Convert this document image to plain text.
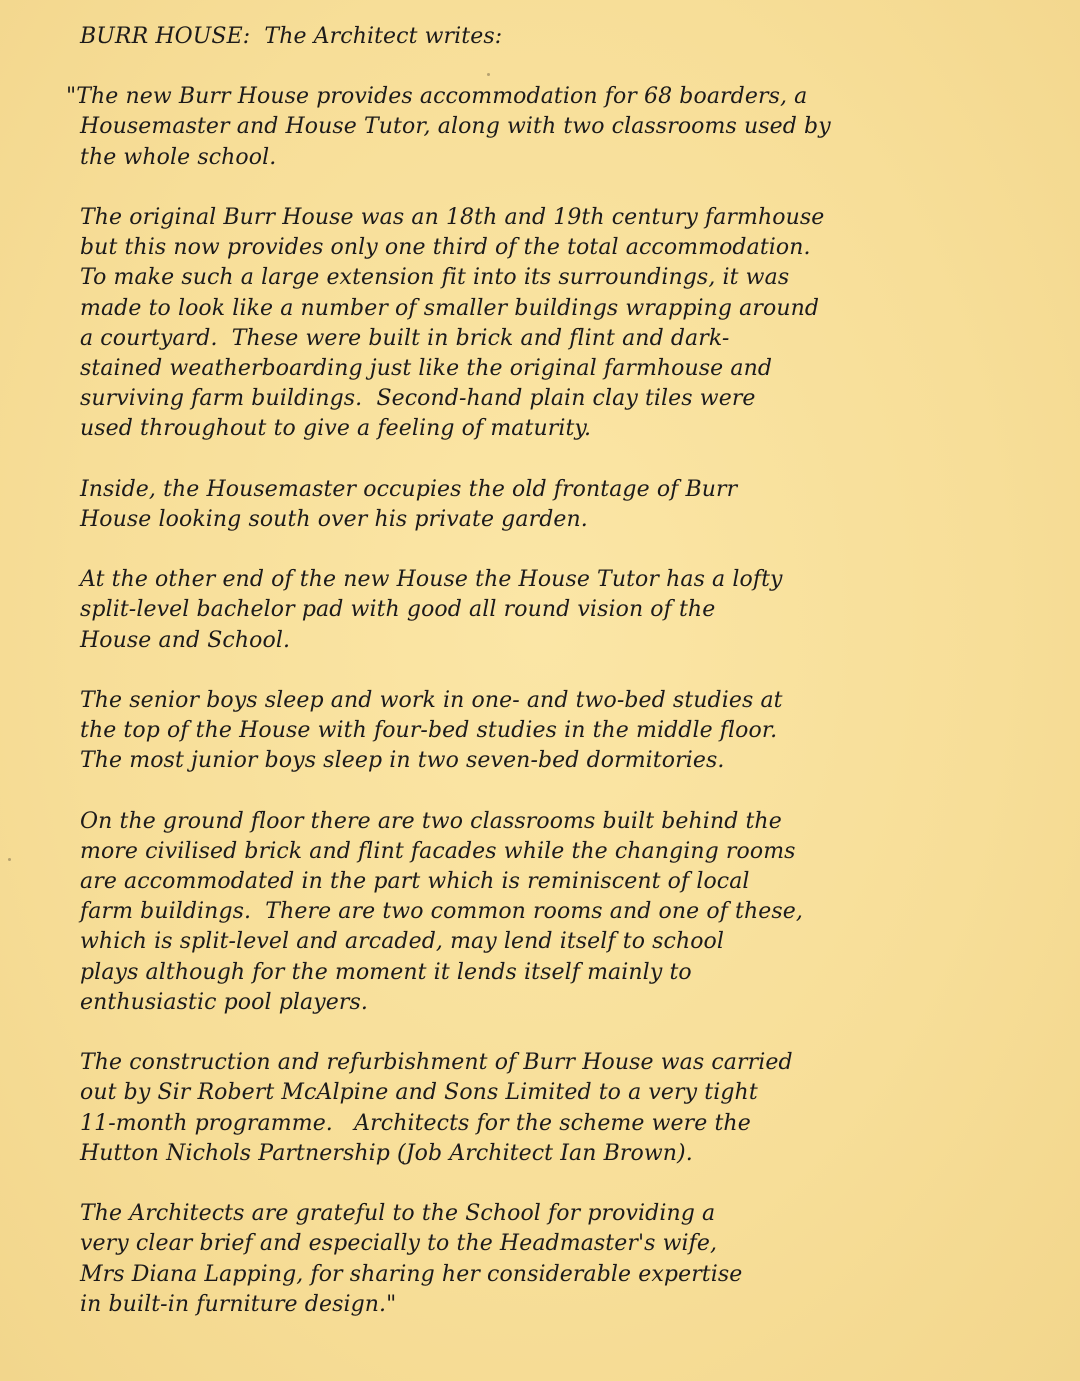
BURR HOUSE:  The Architect writes:
"The new Burr House provides accommodation for 68 boarders, a
Housemaster and House Tutor, along with two classrooms used by
the whole school.
The original Burr House was an 18th and 19th century farmhouse
but this now provides only one third of the total accommodation.
To make such a large extension fit into its surroundings, it was
made to look like a number of smaller buildings wrapping around
a courtyard.  These were built in brick and flint and dark-
stained weatherboarding just like the original farmhouse and
surviving farm buildings.  Second-hand plain clay tiles were
used throughout to give a feeling of maturity.
Inside, the Housemaster occupies the old frontage of Burr
House looking south over his private garden.
At the other end of the new House the House Tutor has a lofty
split-level bachelor pad with good all round vision of the
House and School.
The senior boys sleep and work in one- and two-bed studies at
the top of the House with four-bed studies in the middle floor.
The most junior boys sleep in two seven-bed dormitories.
On the ground floor there are two classrooms built behind the
more civilised brick and flint facades while the changing rooms
are accommodated in the part which is reminiscent of local
farm buildings.  There are two common rooms and one of these,
which is split-level and arcaded, may lend itself to school
plays although for the moment it lends itself mainly to
enthusiastic pool players.
The construction and refurbishment of Burr House was carried
out by Sir Robert McAlpine and Sons Limited to a very tight
11-month programme.   Architects for the scheme were the
Hutton Nichols Partnership (Job Architect Ian Brown).
The Architects are grateful to the School for providing a
very clear brief and especially to the Headmaster's wife,
Mrs Diana Lapping, for sharing her considerable expertise
in built-in furniture design."
